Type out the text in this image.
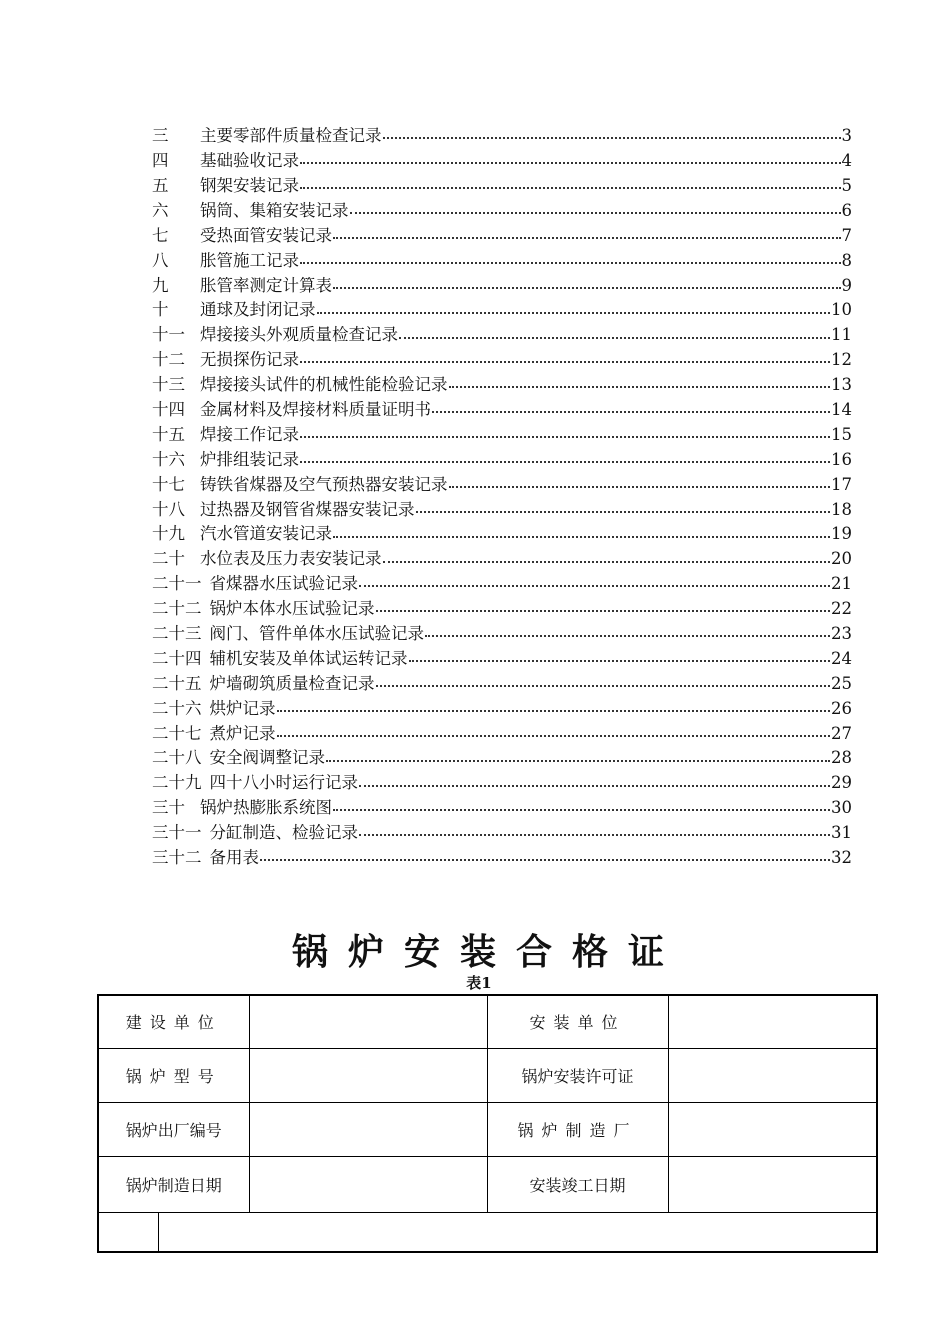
三	主要零部件质量检查记录	3
四	基础验收记录	4
五	钢架安装记录	5
六	锅筒、集箱安装记录	6
七	受热面管安装记录	7
八	胀管施工记录	8
九	胀管率测定计算表	9
十	通球及封闭记录	10
十一 焊接接头外观质量检查记录	11
十二 无损探伤记录	12
十三 焊接接头试件的机械性能检验记录	13
十四 金属材料及焊接材料质量证明书	14
十五 焊接工作记录	15
十六 炉排组装记录	16
十七 铸铁省煤器及空气预热器安装记录	17
十八 过热器及钢管省煤器安装记录	18
十九 汽水管道安装记录	19
二十 水位表及压力表安装记录	20
二十一 省煤器水压试验记录	21
二十二 锅炉本体水压试验记录	22
二十三 阀门、管件单体水压试验记录	23
二十四 辅机安装及单体试运转记录	24
二十五 炉墙砌筑质量检查记录	25
二十六 烘炉记录	26
二十七 煮炉记录	27
二十八 安全阀调整记录	28
二十九 四十八小时运行记录	29
三十 锅炉热膨胀系统图	30
三十一 分缸制造、检验记录	31
三十二 备用表	32
锅炉安装合格证
表1
建设单位			安装单位	
锅炉型号			锅炉安装许可证	
锅炉出厂编号			锅炉制造厂	
锅炉制造日期			安装竣工日期	
